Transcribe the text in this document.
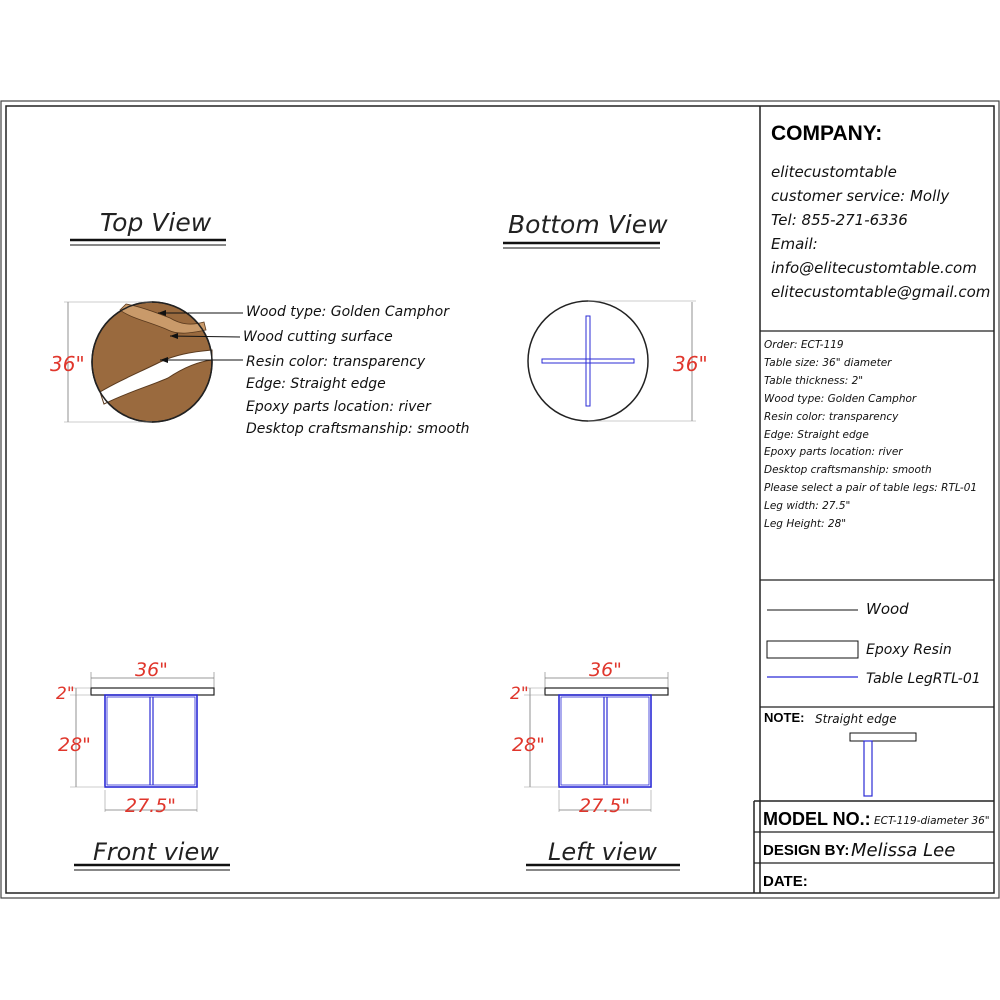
Top View
36"
Wood type: Golden Camphor
Wood cutting surface
Resin color: transparency
Edge: Straight edge
Epoxy parts location: river
Desktop craftsmanship: smooth
Bottom View
36"
36"
2"
28"
27.5"
Front view
36"
2"
28"
27.5"
Left view
COMPANY:
elitecustomtable
customer service: Molly
Tel: 855-271-6336
Email:
info@elitecustomtable.com
elitecustomtable@gmail.com
Order: ECT-119
Table size: 36" diameter
Table thickness: 2"
Wood type: Golden Camphor
Resin color: transparency
Edge: Straight edge
Epoxy parts location: river
Desktop craftsmanship: smooth
Please select a pair of table legs: RTL-01
Leg width: 27.5"
Leg Height: 28"
Wood
Epoxy Resin
Table LegRTL-01
NOTE: Straight edge
MODEL NO.: ECT-119-diameter 36"
DESIGN BY: Melissa Lee
DATE:
